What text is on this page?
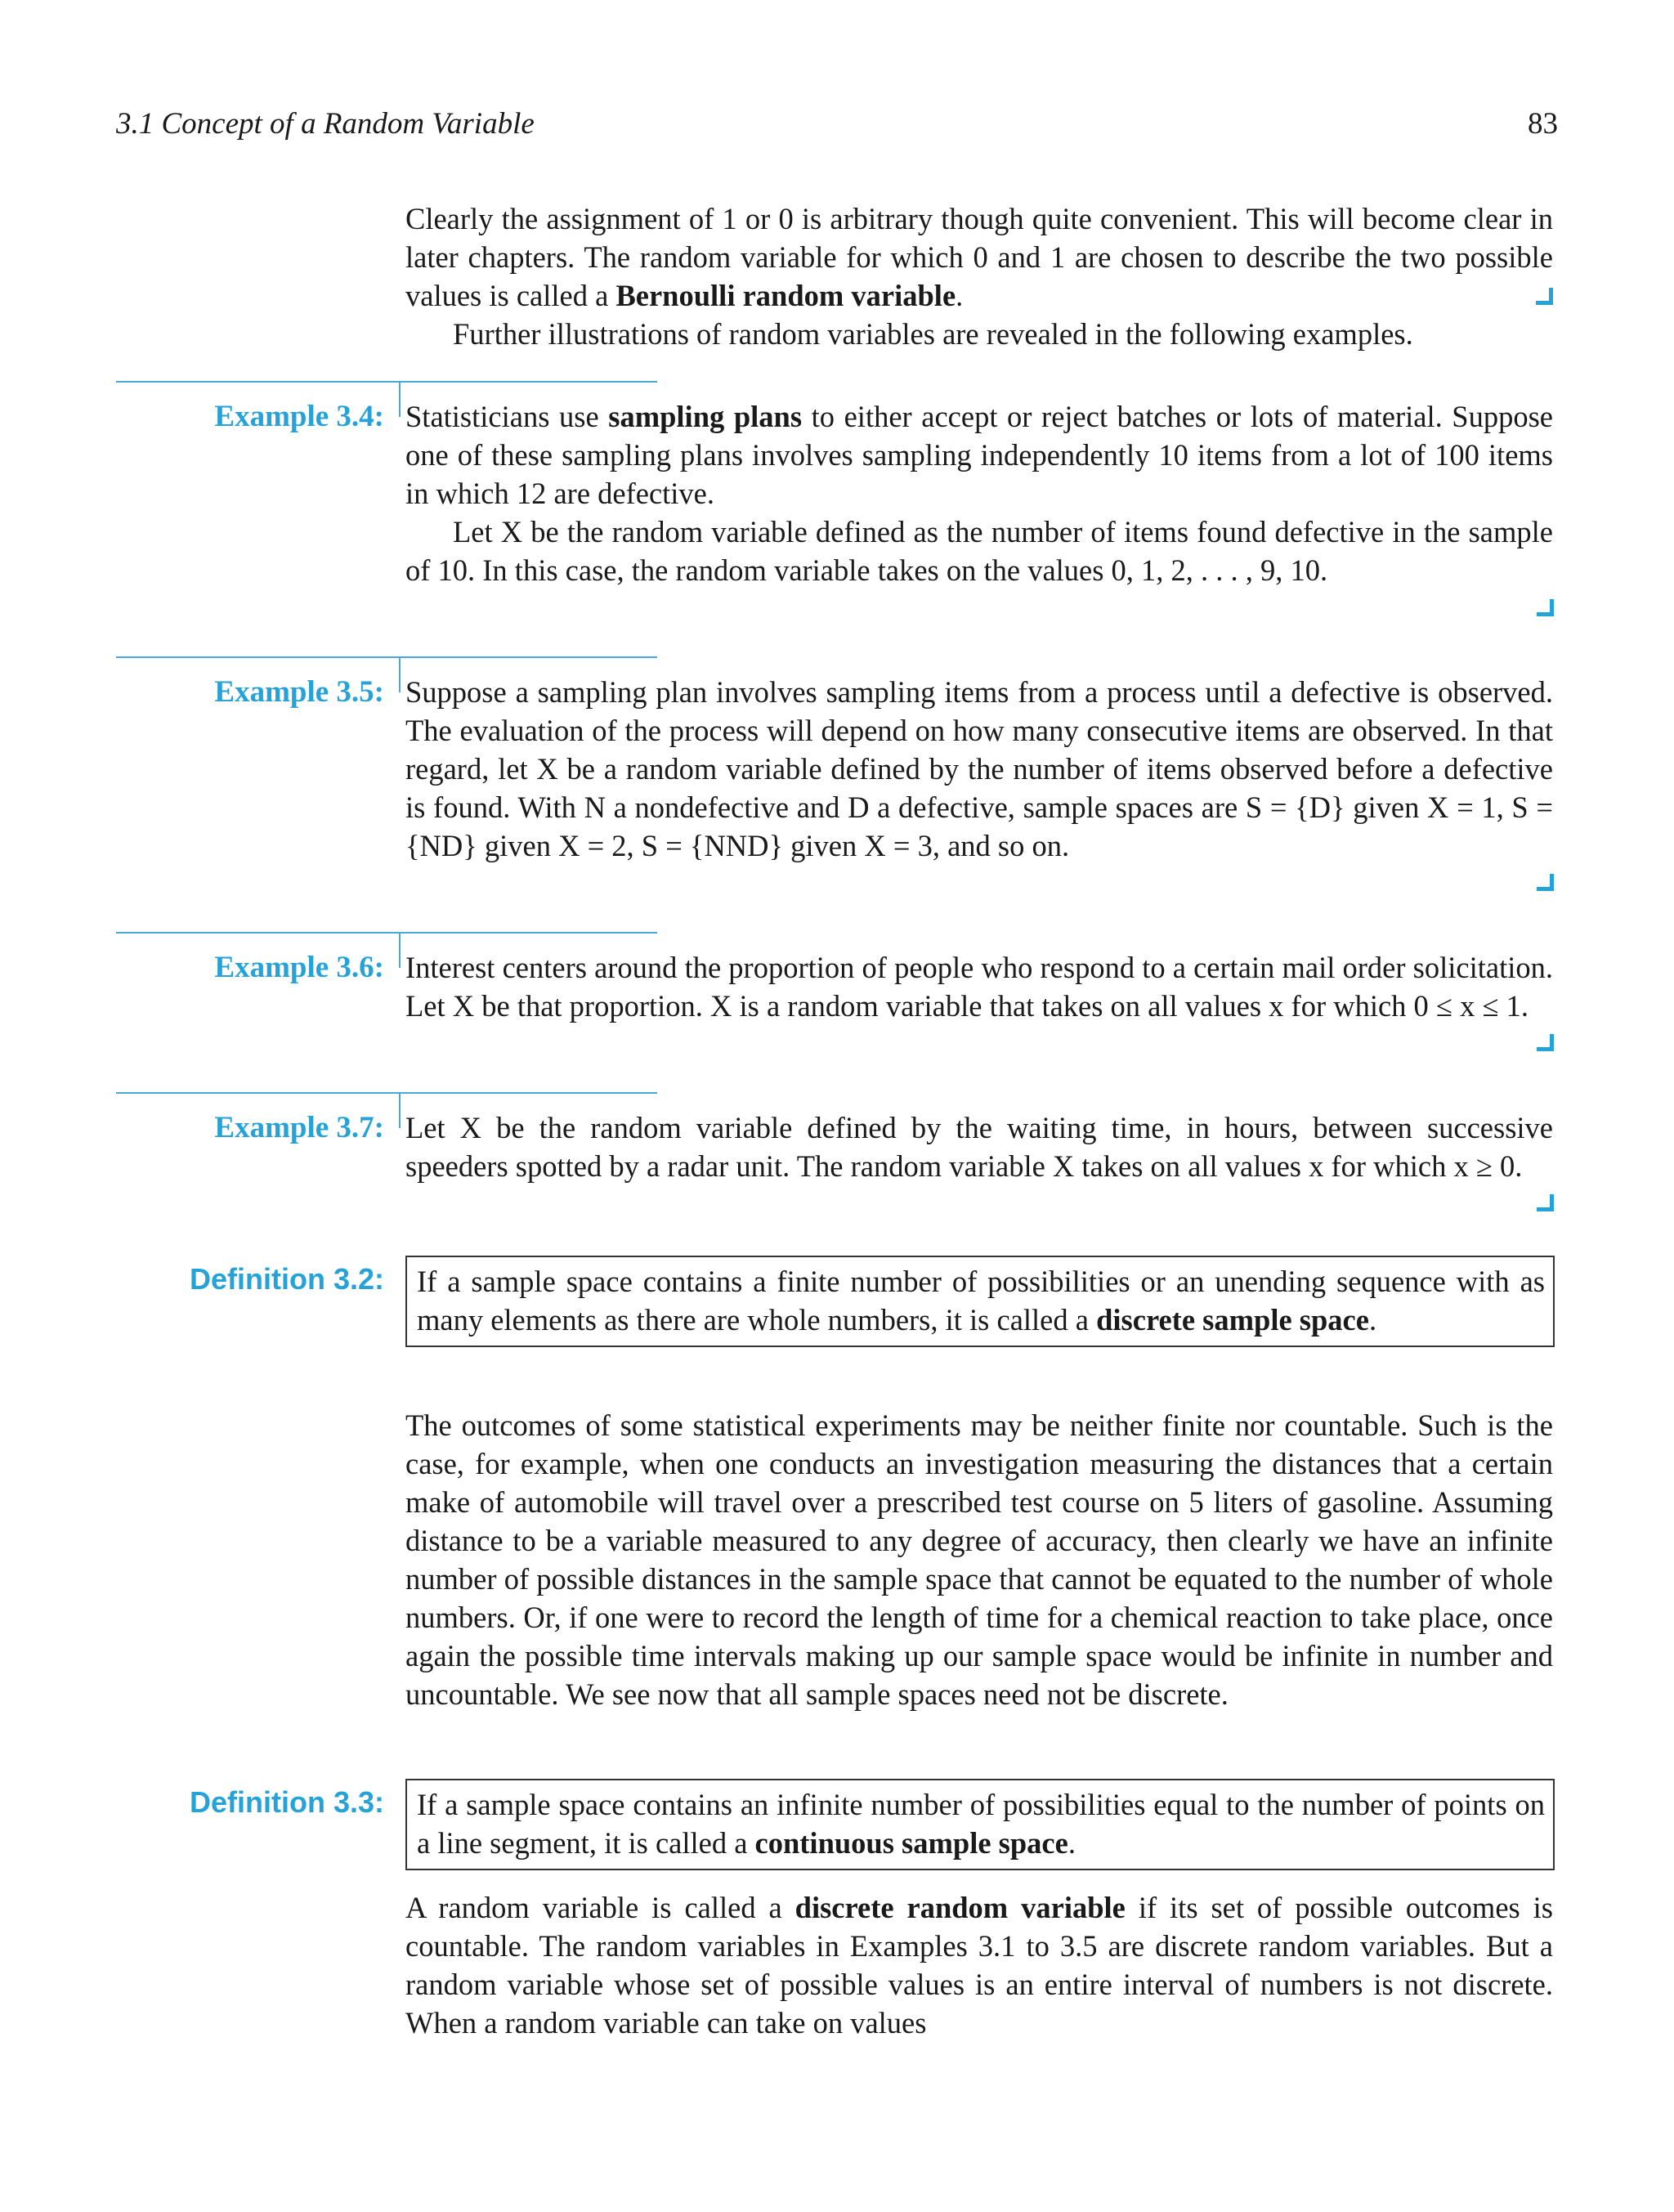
3.1 Concept of a Random Variable	83

Clearly the assignment of 1 or 0 is arbitrary though quite convenient. This will become clear in later chapters. The random variable for which 0 and 1 are chosen to describe the two possible values is called a Bernoulli random variable.

Further illustrations of random variables are revealed in the following examples.

Example 3.4: Statisticians use sampling plans to either accept or reject batches or lots of material. Suppose one of these sampling plans involves sampling independently 10 items from a lot of 100 items in which 12 are defective.

Let X be the random variable defined as the number of items found defective in the sample of 10. In this case, the random variable takes on the values 0, 1, 2, . . . , 9, 10.

Example 3.5: Suppose a sampling plan involves sampling items from a process until a defective is observed. The evaluation of the process will depend on how many consecutive items are observed. In that regard, let X be a random variable defined by the number of items observed before a defective is found. With N a nondefective and D a defective, sample spaces are S = {D} given X = 1, S = {ND} given X = 2, S = {NND} given X = 3, and so on.

Example 3.6: Interest centers around the proportion of people who respond to a certain mail order solicitation. Let X be that proportion. X is a random variable that takes on all values x for which 0 ≤ x ≤ 1.

Example 3.7: Let X be the random variable defined by the waiting time, in hours, between successive speeders spotted by a radar unit. The random variable X takes on all values x for which x ≥ 0.

Definition 3.2:	If a sample space contains a finite number of possibilities or an unending sequence with as many elements as there are whole numbers, it is called a discrete sample space.

The outcomes of some statistical experiments may be neither finite nor countable. Such is the case, for example, when one conducts an investigation measuring the distances that a certain make of automobile will travel over a prescribed test course on 5 liters of gasoline. Assuming distance to be a variable measured to any degree of accuracy, then clearly we have an infinite number of possible distances in the sample space that cannot be equated to the number of whole numbers. Or, if one were to record the length of time for a chemical reaction to take place, once again the possible time intervals making up our sample space would be infinite in number and uncountable. We see now that all sample spaces need not be discrete.

Definition 3.3:	If a sample space contains an infinite number of possibilities equal to the number of points on a line segment, it is called a continuous sample space.

A random variable is called a discrete random variable if its set of possible outcomes is countable. The random variables in Examples 3.1 to 3.5 are discrete random variables. But a random variable whose set of possible values is an entire interval of numbers is not discrete. When a random variable can take on values
